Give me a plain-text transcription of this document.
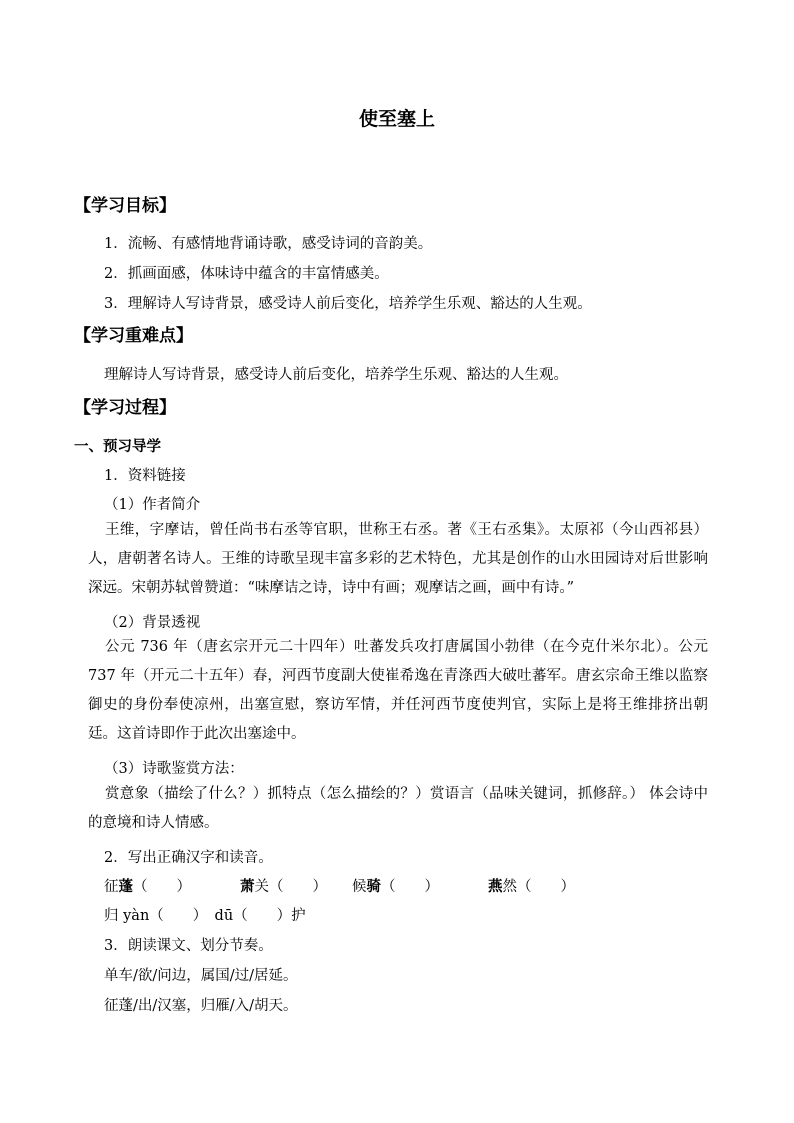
使至塞上
【学习目标】
1．流畅、有感情地背诵诗歌，感受诗词的音韵美。
2．抓画面感，体味诗中蕴含的丰富情感美。
3．理解诗人写诗背景，感受诗人前后变化，培养学生乐观、豁达的人生观。
【学习重难点】
理解诗人写诗背景，感受诗人前后变化，培养学生乐观、豁达的人生观。
【学习过程】
一、预习导学
1．资料链接
（1）作者简介
王维，字摩诘，曾任尚书右丞等官职，世称王右丞。著《王右丞集》。太原祁（今山西祁县）人，唐朝著名诗人。王维的诗歌呈现丰富多彩的艺术特色，尤其是创作的山水田园诗对后世影响深远。宋朝苏轼曾赞道：“味摩诘之诗，诗中有画；观摩诘之画，画中有诗。”
（2）背景透视
公元 736 年（唐玄宗开元二十四年）吐蕃发兵攻打唐属国小勃律（在今克什米尔北）。公元 737 年（开元二十五年）春，河西节度副大使崔希逸在青涤西大破吐蕃军。唐玄宗命王维以监察御史的身份奉使凉州，出塞宣慰，察访军情，并任河西节度使判官，实际上是将王维排挤出朝廷。这首诗即作于此次出塞途中。
（3）诗歌鉴赏方法：
赏意象（描绘了什么？）抓特点（怎么描绘的？）赏语言（品味关键词，抓修辞。） 体会诗中的意境和诗人情感。
2．写出正确汉字和读音。
征蓬（　　）	萧关（　　） 候骑（　　）	燕然（　　）
归 yàn（　　）　dū（　　）护
3．朗读课文、划分节奏。
单车/欲/问边，属国/过/居延。
征蓬/出/汉塞，归雁/入/胡天。
